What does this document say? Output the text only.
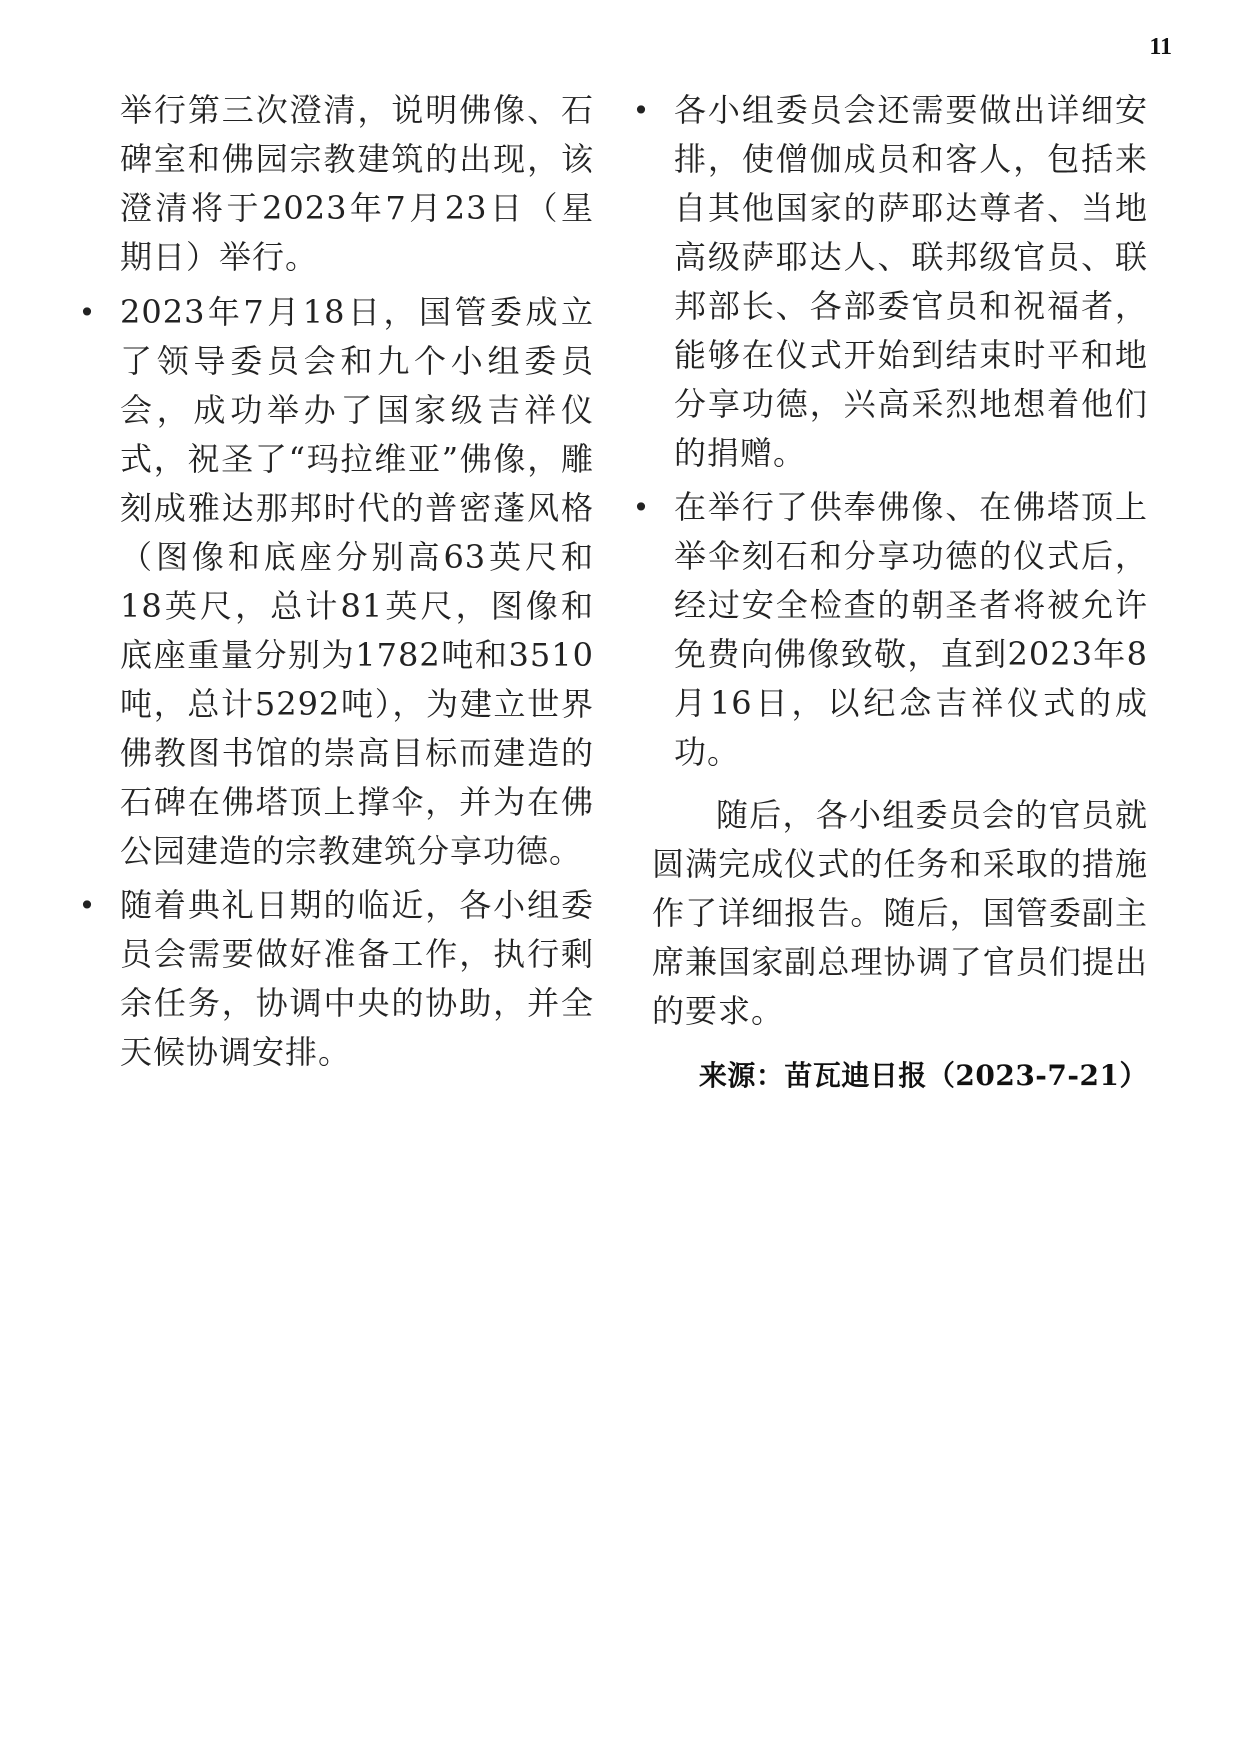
11

举行第三次澄清，说明佛像、石碑室和佛园宗教建筑的出现，该澄清将于2023年7月23日（星期日）举行。

• 2023年7月18日，国管委成立了领导委员会和九个小组委员会，成功举办了国家级吉祥仪式，祝圣了“玛拉维亚”佛像，雕刻成雅达那邦时代的普密蓬风格（图像和底座分别高63英尺和18英尺，总计81英尺，图像和底座重量分别为1782吨和3510吨，总计5292吨），为建立世界佛教图书馆的崇高目标而建造的石碑在佛塔顶上撑伞，并为在佛公园建造的宗教建筑分享功德。
• 随着典礼日期的临近，各小组委员会需要做好准备工作，执行剩余任务，协调中央的协助，并全天候协调安排。
• 各小组委员会还需要做出详细安排，使僧伽成员和客人，包括来自其他国家的萨耶达尊者、当地高级萨耶达人、联邦级官员、联邦部长、各部委官员和祝福者，能够在仪式开始到结束时平和地分享功德，兴高采烈地想着他们的捐赠。
• 在举行了供奉佛像、在佛塔顶上举伞刻石和分享功德的仪式后，经过安全检查的朝圣者将被允许免费向佛像致敬，直到2023年8月16日，以纪念吉祥仪式的成功。

随后，各小组委员会的官员就圆满完成仪式的任务和采取的措施作了详细报告。随后，国管委副主席兼国家副总理协调了官员们提出的要求。

来源：苗瓦迪日报（2023-7-21）
